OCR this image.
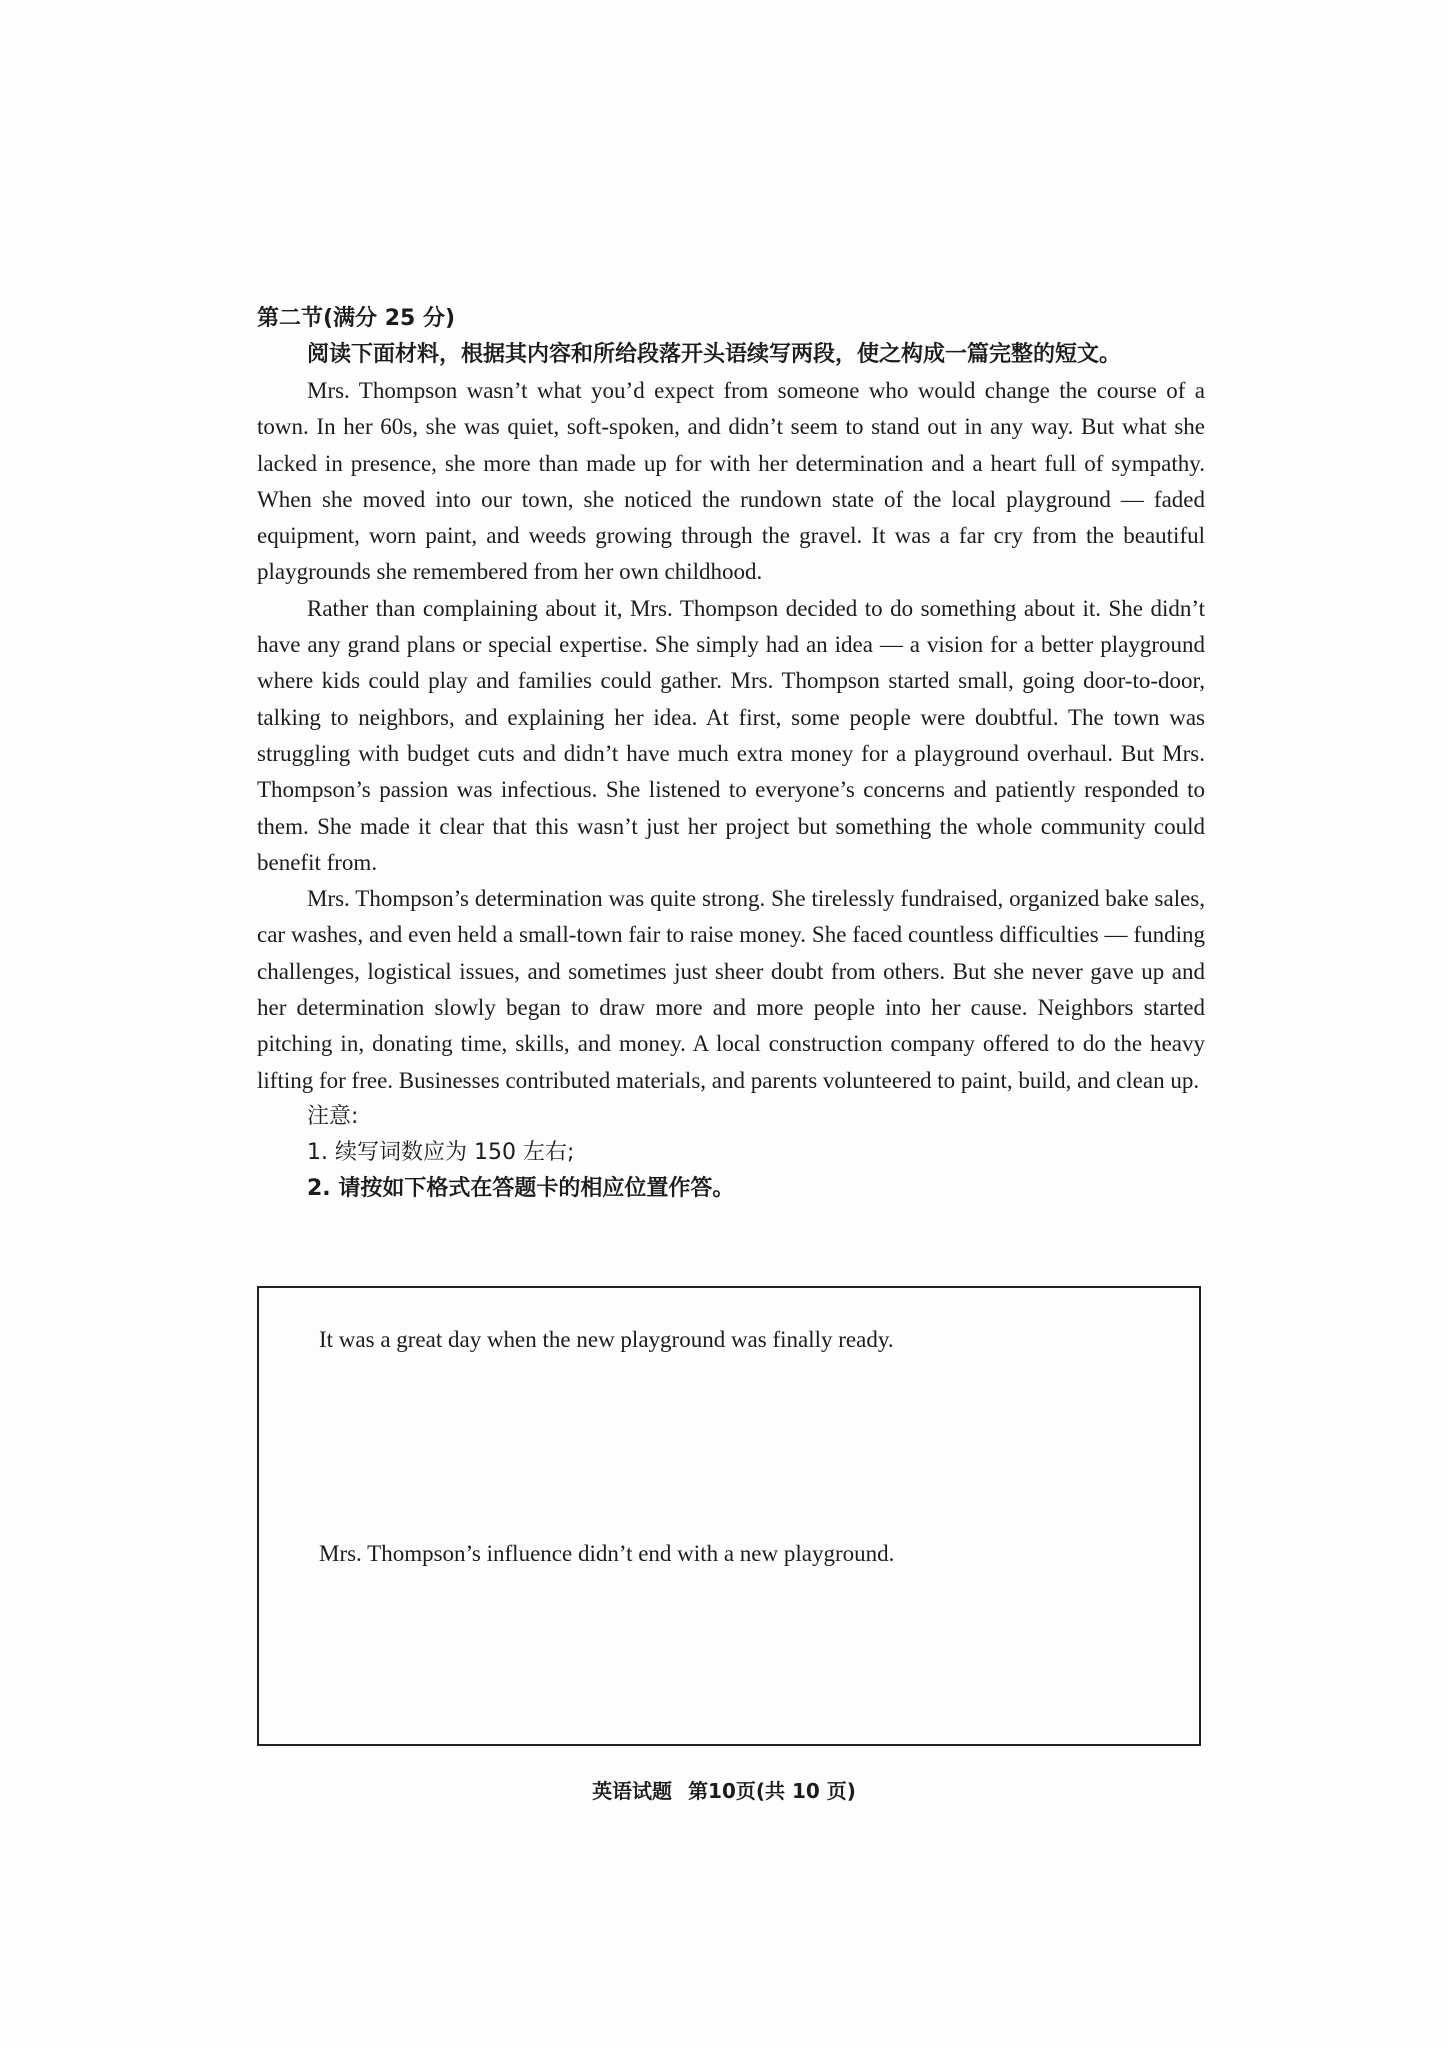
第二节(满分 25 分)

阅读下面材料，根据其内容和所给段落开头语续写两段，使之构成一篇完整的短文。

Mrs. Thompson wasn’t what you’d expect from someone who would change the course of a town. In her 60s, she was quiet, soft-spoken, and didn’t seem to stand out in any way. But what she lacked in presence, she more than made up for with her determination and a heart full of sympathy. When she moved into our town, she noticed the rundown state of the local playground — faded equipment, worn paint, and weeds growing through the gravel. It was a far cry from the beautiful playgrounds she remembered from her own childhood.

Rather than complaining about it, Mrs. Thompson decided to do something about it. She didn’t have any grand plans or special expertise. She simply had an idea — a vision for a better playground where kids could play and families could gather. Mrs. Thompson started small, going door-to-door, talking to neighbors, and explaining her idea. At first, some people were doubtful. The town was struggling with budget cuts and didn’t have much extra money for a playground overhaul. But Mrs. Thompson’s passion was infectious. She listened to everyone’s concerns and patiently responded to them. She made it clear that this wasn’t just her project but something the whole community could benefit from.

Mrs. Thompson’s determination was quite strong. She tirelessly fundraised, organized bake sales, car washes, and even held a small-town fair to raise money. She faced countless difficulties — funding challenges, logistical issues, and sometimes just sheer doubt from others. But she never gave up and her determination slowly began to draw more and more people into her cause. Neighbors started pitching in, donating time, skills, and money. A local construction company offered to do the heavy lifting for free. Businesses contributed materials, and parents volunteered to paint, build, and clean up.

注意:

1. 续写词数应为 150 左右;

2. 请按如下格式在答题卡的相应位置作答。

It was a great day when the new playground was finally ready.

Mrs. Thompson’s influence didn’t end with a new playground.

英语试题 第10页(共 10 页)
